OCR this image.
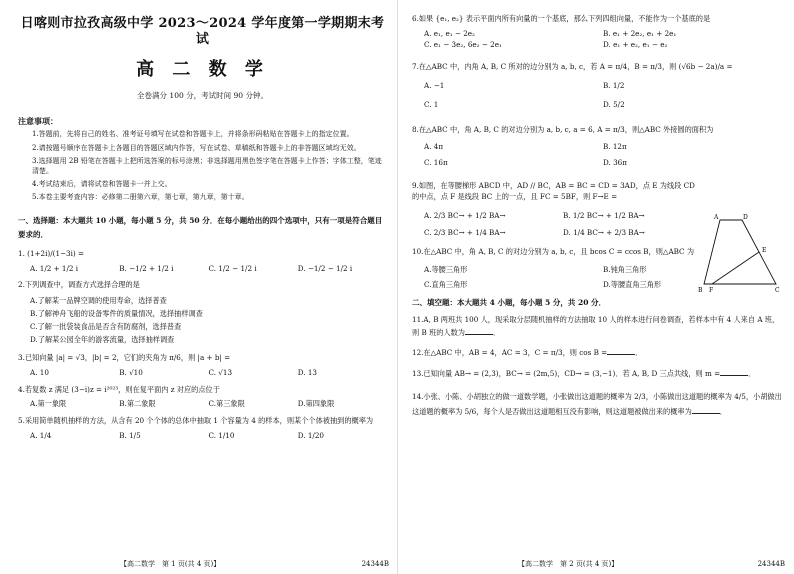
日喀则市拉孜高级中学 2023～2024 学年度第一学期期末考试
高 二 数 学
全卷满分 100 分，考试时间 90 分钟。
注意事项：

1.答题前，先将自己的姓名、准考证号填写在试卷和答题卡上，并将条形码粘贴在答题卡上的指定位置。

2.请按题号顺序在答题卡上各题目的答题区域内作答，写在试卷、草稿纸和答题卡上的非答题区域均无效。

3.选择题用 2B 铅笔在答题卡上把所选答案的标号涂黑；非选择题用黑色签字笔在答题卡上作答；字体工整，笔迹清楚。

4.考试结束后，请将试卷和答题卡一并上交。

5.本卷主要考查内容：必修第二册第六章，第七章，第九章，第十章。

一、选择题：本大题共 10 小题，每小题 5 分，共 50 分．在每小题给出的四个选项中，只有一项是符合题目要求的．
1. (1+2i)/(1−3i) =
A. 1/2 + 1/2 i	B. −1/2 + 1/2 i	C. 1/2 − 1/2 i	D. −1/2 − 1/2 i
2.下列调查中，调查方式选择合理的是
A.了解某一品牌空调的使用寿命，选择普查
B.了解神舟飞船的设备零件的质量情况，选择抽样调查
C.了解一批袋装食品是否含有防腐剂，选择普查
D.了解某公园全年的游客流量，选择抽样调查
3.已知向量 |a| = √3，|b| = 2，它们的夹角为 π/6，则 |a + b| =
A. 10	B. √10	C. √13	D. 13
4.若复数 z 满足 (3−i)z = i²⁰²³，则在复平面内 z 对应的点位于
A.第一象限	B.第二象限	C.第三象限	D.第四象限
5.采用简单随机抽样的方法，从含有 20 个个体的总体中抽取 1 个容量为 4 的样本，则某个个体被抽到的概率为
A. 1/4	B. 1/5	C. 1/10	D. 1/20
【高二数学　第 1 页(共 4 页)】	24344B
6.如果 {e₁, e₂} 表示平面内所有向量的一个基底，那么下列四组向量，不能作为一个基底的是
A. e₁, e₁ − 2e₂	B. e₁ + 2e₂, e₁ + 2e₁
C. e₁ − 3e₂, 6e₂ − 2e₁	D. e₁ + e₂, e₁ − e₂
7.在△ABC 中，内角 A, B, C 所对的边分别为 a, b, c，若 A = π/4，B = π/3，则 (√6b − 2a)/a =
A. −1	B. 1/2
C. 1	D. 5/2
8.在△ABC 中，角 A, B, C 的对边分别为 a, b, c, a = 6, A = π/3，则△ABC 外接圆的面积为
A. 4π	B. 12π
C. 16π	D. 36π
9.如图，在等腰梯形 ABCD 中，AD // BC，AB = BC = CD = 3AD，点 E 为线段 CD 的中点，点 F 是线段 BC 上的一点，且 FC = 5BF，则 F→E =
A. 2/3 BC→ + 1/2 BA→	B. 1/2 BC→ + 1/2 BA→
C. 2/3 BC→ + 1/4 BA→	D. 1/4 BC→ + 2/3 BA→
A	D
E
B F	C
10.在△ABC 中，角 A, B, C 的对边分别为 a, b, c，且 bcos C = ccos B，则△ABC 为
A.等腰三角形	B.钝角三角形
C.直角三角形	D.等腰直角三角形
二、填空题：本大题共 4 小题，每小题 5 分，共 20 分．
11.A, B 两班共 100 人，现采取分层随机抽样的方法抽取 10 人的样本进行问卷调查，若样本中有 4 人来自 A 班，则 B 班的人数为	．
12.在△ABC 中，AB = 4，AC = 3，C = π/3，则 cos B =	．
13.已知向量 AB→ = (2,3)，BC→ = (2m,5)，CD→ = (3,−1)．若 A, B, D 三点共线，则 m =	．
14.小张、小陈、小胡独立的做一道数学题，小张做出这道题的概率为 2/3，小陈做出这道题的概率为 4/5，小胡做出这道题的概率为 5/6，每个人是否做出这道题相互没有影响，则这道题被做出来的概率为	．
【高二数学　第 2 页(共 4 页)】	24344B
